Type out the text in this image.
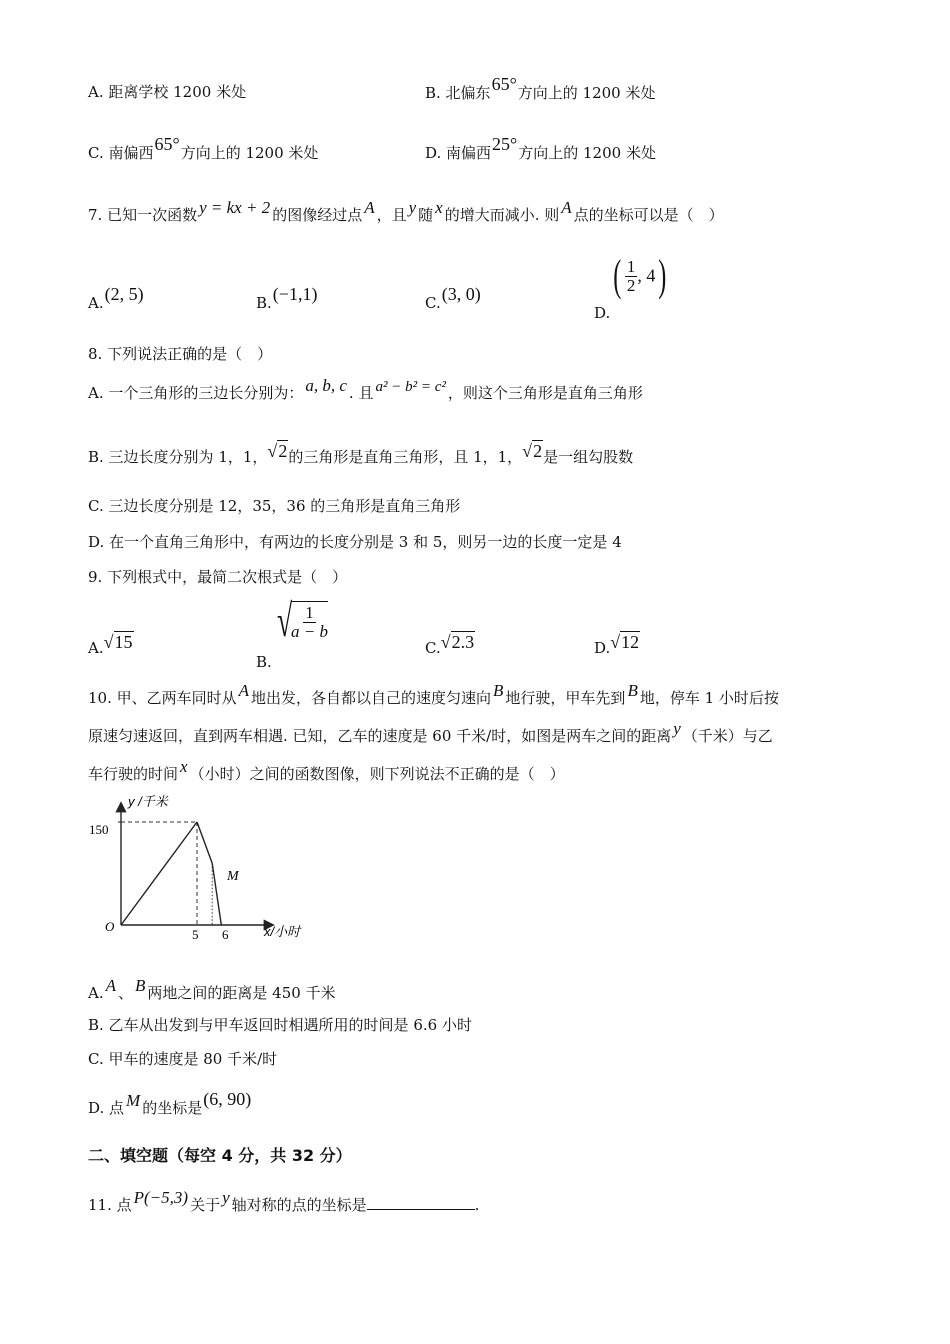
A. 距离学校 1200 米处	B. 北偏东65°方向上的 1200 米处
C. 南偏西65°方向上的 1200 米处	D. 南偏西25°方向上的 1200 米处
7. 已知一次函数 y = kx + 2 的图像经过点 A ，且 y 随 x 的增大而减小. 则 A 点的坐标可以是（　）
A.(2, 5)	B.(−1,1)	C.(3, 0)
$D.( \frac{1}{2}$ , 4)
8. 下列说法正确的是（　）
A. 一个三角形的三边长分别为： a, b, c . 且 a² − b² = c² ，则这个三角形是直角三角形
B. 三边长度分别为 1，1，√2的三角形是直角三角形，且 1，1，√2是一组勾股数
C. 三边长度分别是 12，35，36 的三角形是直角三角形
D. 在一个直角三角形中，有两边的长度分别是 3 和 5，则另一边的长度一定是 4
9. 下列根式中，最简二次根式是（　）
A.√15
$B.√ \frac{1}{a - b}$
C.√2.3	D.√12
10. 甲、乙两车同时从 A 地出发，各自都以自己的速度匀速向 B 地行驶，甲车先到 B 地，停车 1 小时后按
原速匀速返回，直到两车相遇. 已知，乙车的速度是 60 千米/时，如图是两车之间的距离 y （千米）与乙
车行驶的时间 x （小时）之间的函数图像，则下列说法不正确的是（　）
y /千米
x/小时
O
150
5 6
M
A. A 、 B 两地之间的距离是 450 千米
B. 乙车从出发到与甲车返回时相遇所用的时间是 6.6 小时
C. 甲车的速度是 80 千米/时
D. 点 M 的坐标是(6, 90)
二、填空题（每空 4 分，共 32 分）
11. 点 P(−5,3) 关于 y 轴对称的点的坐标是	.
